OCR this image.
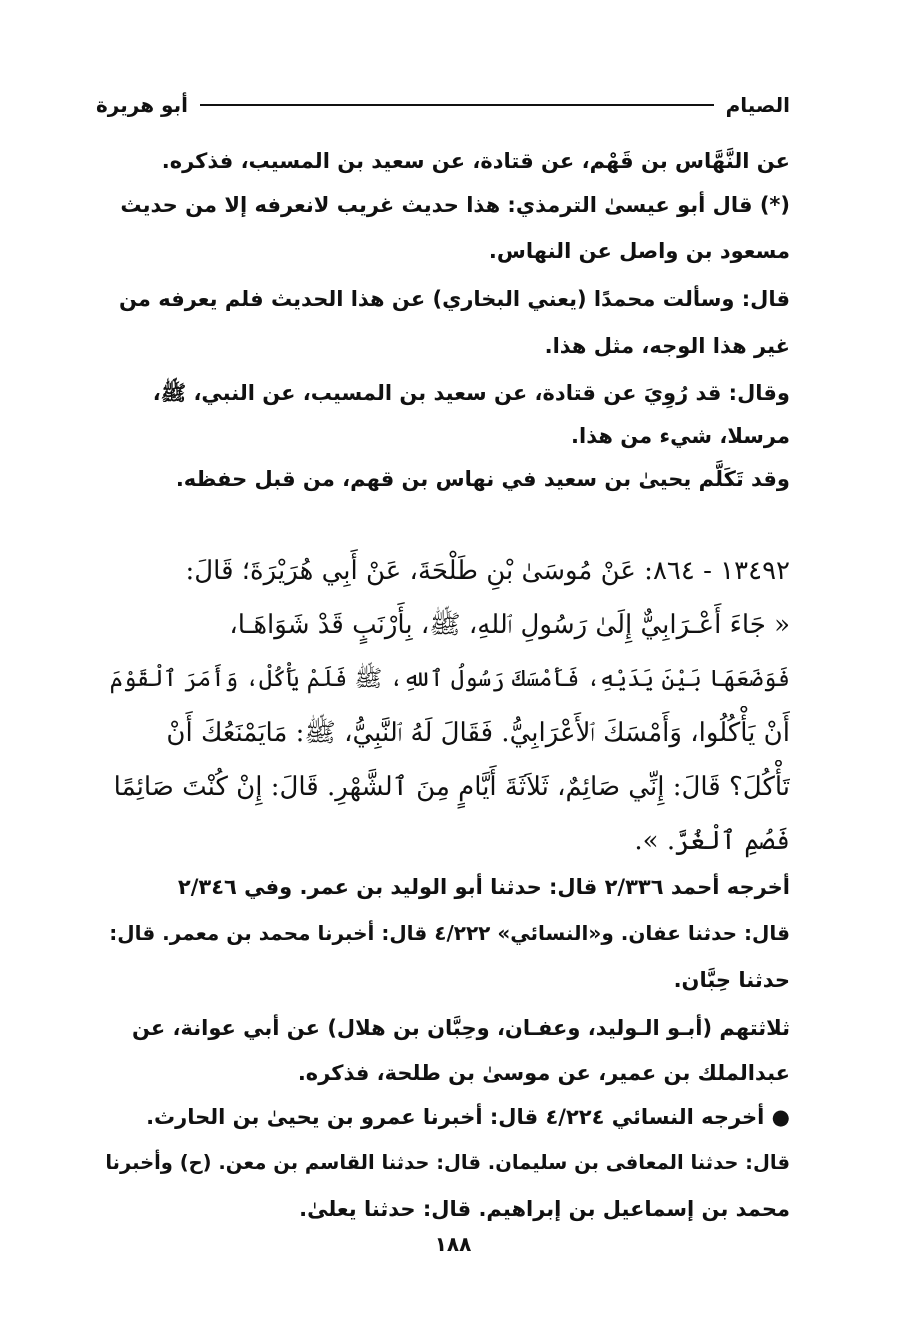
الصيام
أبو هريرة
عن النَّهَّاس بن قَهْم، عن قتادة، عن سعيد بن المسيب، فذكره.
(*) قال أبو عيسىٰ الترمذي: هذا حديث غريب لانعرفه إلا من حديث
مسعود بن واصل عن النهاس.
قال: وسألت محمدًا (يعني البخاري) عن هذا الحديث فلم يعرفه من
غير هذا الوجه، مثل هذا.
وقال: قد رُوِيَ عن قتادة، عن سعيد بن المسيب، عن النبي، ﷺ،
مرسلا، شيء من هذا.
وقد تَكَلَّم يحيىٰ بن سعيد في نهاس بن قهم، من قبل حفظه.
١٣٤٩٢ - ٨٦٤: عَنْ مُوسَىٰ بْنِ طَلْحَةَ، عَنْ أَبِي هُرَيْرَةَ؛ قَالَ:
« جَاءَ أَعْـرَابِيٌّ إِلَىٰ رَسُولِ ٱللهِ، ﷺ، بِأَرْنَبٍ قَدْ شَوَاهَـا،
فَوَضَعَهَا بَيْنَ يَدَيْهِ، فَأَمْسَكَ رَسُولُ ٱللهِ، ﷺ فَلَمْ يَأْكُلْ، وَأَمَرَ ٱلْقَوْمَ
أَنْ يَأْكُلُوا، وَأَمْسَكَ ٱلأَعْرَابِيُّ. فَقَالَ لَهُ ٱلنَّبِيُّ، ﷺ: مَايَمْنَعُكَ أَنْ
تَأْكُلَ؟ قَالَ: إِنِّي صَائِمٌ، ثَلاَثَةَ أَيَّامٍ مِنَ ٱلشَّهْرِ. قَالَ: إِنْ كُنْتَ صَائِمًا
فَصُمِ ٱلْغُرَّ. ».
أخرجه أحمد ٢/٣٣٦ قال: حدثنا أبو الوليد بن عمر. وفي ٢/٣٤٦
قال: حدثنا عفان. و«النسائي» ٤/٢٢٢ قال: أخبرنا محمد بن معمر. قال:
حدثنا حِبَّان.
ثلاثتهم (أبـو الـوليد، وعفـان، وحِبَّان بن هلال) عن أبي عوانة، عن
عبدالملك بن عمير، عن موسىٰ بن طلحة، فذكره.
● أخرجه النسائي ٤/٢٢٤ قال: أخبرنا عمرو بن يحيىٰ بن الحارث.
قال: حدثنا المعافى بن سليمان. قال: حدثنا القاسم بن معن. (ح) وأخبرنا
محمد بن إسماعيل بن إبراهيم. قال: حدثنا يعلىٰ.
١٨٨
